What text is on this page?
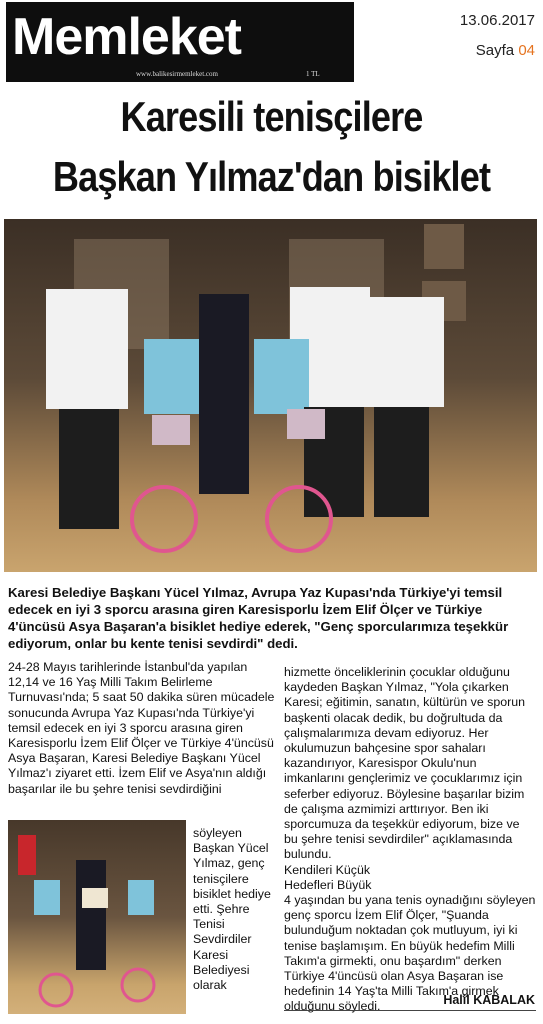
Memleket
www.balikesirmemleket.com	1 TL
13.06.2017
Sayfa 04
Karesili tenisçilere
Başkan Yılmaz'dan bisiklet
Karesi Belediye Başkanı Yücel Yılmaz, Avrupa Yaz Kupası'nda Türkiye'yi temsil edecek en iyi 3 sporcu arasına giren Karesisporlu İzem Elif Ölçer ve Türkiye 4'üncüsü Asya Başaran'a bisiklet hediye ederek, "Genç sporcularımıza teşekkür ediyorum, onlar bu kente tenisi sevdirdi" dedi.
24-28 Mayıs tarihlerinde İstanbul'da yapılan 12,14 ve 16 Yaş Milli Takım Belirleme Turnuvası'nda; 5 saat 50 dakika süren mücadele sonucunda Avrupa Yaz Kupası'nda Türkiye'yi temsil edecek en iyi 3 sporcu arasına giren Karesisporlu İzem Elif Ölçer ve Türkiye 4'üncüsü Asya Başaran, Karesi Belediye Başkanı Yücel Yılmaz'ı ziyaret etti. İzem Elif ve Asya'nın aldığı başarılar ile bu şehre tenisi sevdirdiğini
söyleyen Başkan Yücel Yılmaz, genç tenisçilere bisiklet hediye etti. Şehre Tenisi Sevdirdiler Karesi Belediyesi olarak
hizmette önceliklerinin çocuklar olduğunu kaydeden Başkan Yılmaz, "Yola çıkarken Karesi; eğitimin, sanatın, kültürün ve sporun başkenti olacak dedik, bu doğrultuda da çalışmalarımıza devam ediyoruz. Her okulumuzun bahçesine spor sahaları kazandırıyor, Karesispor Okulu'nun imkanlarını gençlerimiz ve çocuklarımız için seferber ediyoruz. Böylesine başarılar bizim de çalışma azmimizi arttırıyor. Ben iki sporcumuza da teşekkür ediyorum, bize ve bu şehre tenisi sevdirdiler" açıklamasında bulundu.
Kendileri Küçük
Hedefleri Büyük
4 yaşından bu yana tenis oynadığını söyleyen genç sporcu İzem Elif Ölçer, "Şuanda bulunduğum noktadan çok mutluyum, iyi ki tenise başlamışım. En büyük hedefim Milli Takım'a girmekti, onu başardım" derken Türkiye 4'üncüsü olan Asya Başaran ise hedefinin 14 Yaş'ta Milli Takım'a girmek olduğunu söyledi.	Halil KABALAK
